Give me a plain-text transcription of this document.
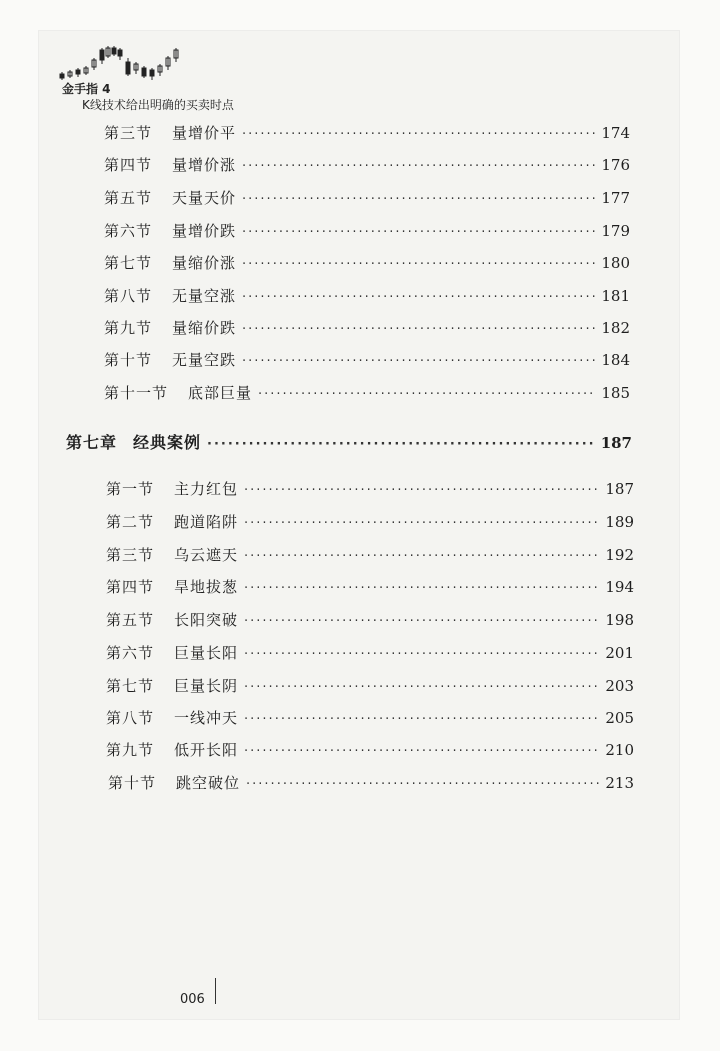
金手指 4
K线技术给出明确的买卖时点
第三节 量增价平 ·····	174
第四节 量增价涨 ·····	176
第五节 天量天价 ·····	177
第六节 量增价跌 ·····	179
第七节 量缩价涨 ·····	180
第八节 无量空涨 ·····	181
第九节 量缩价跌 ·····	182
第十节 无量空跌 ·····	184
第十一节 底部巨量 ·····	185
第七章 经典案例 ·····	187
第一节 主力红包 ·····	187
第二节 跑道陷阱 ·····	189
第三节 乌云遮天 ·····	192
第四节 旱地拔葱 ·····	194
第五节 长阳突破 ·····	198
第六节 巨量长阳 ·····	201
第七节 巨量长阴 ·····	203
第八节 一线冲天 ·····	205
第九节 低开长阳 ·····	210
第十节 跳空破位 ·····	213
006
